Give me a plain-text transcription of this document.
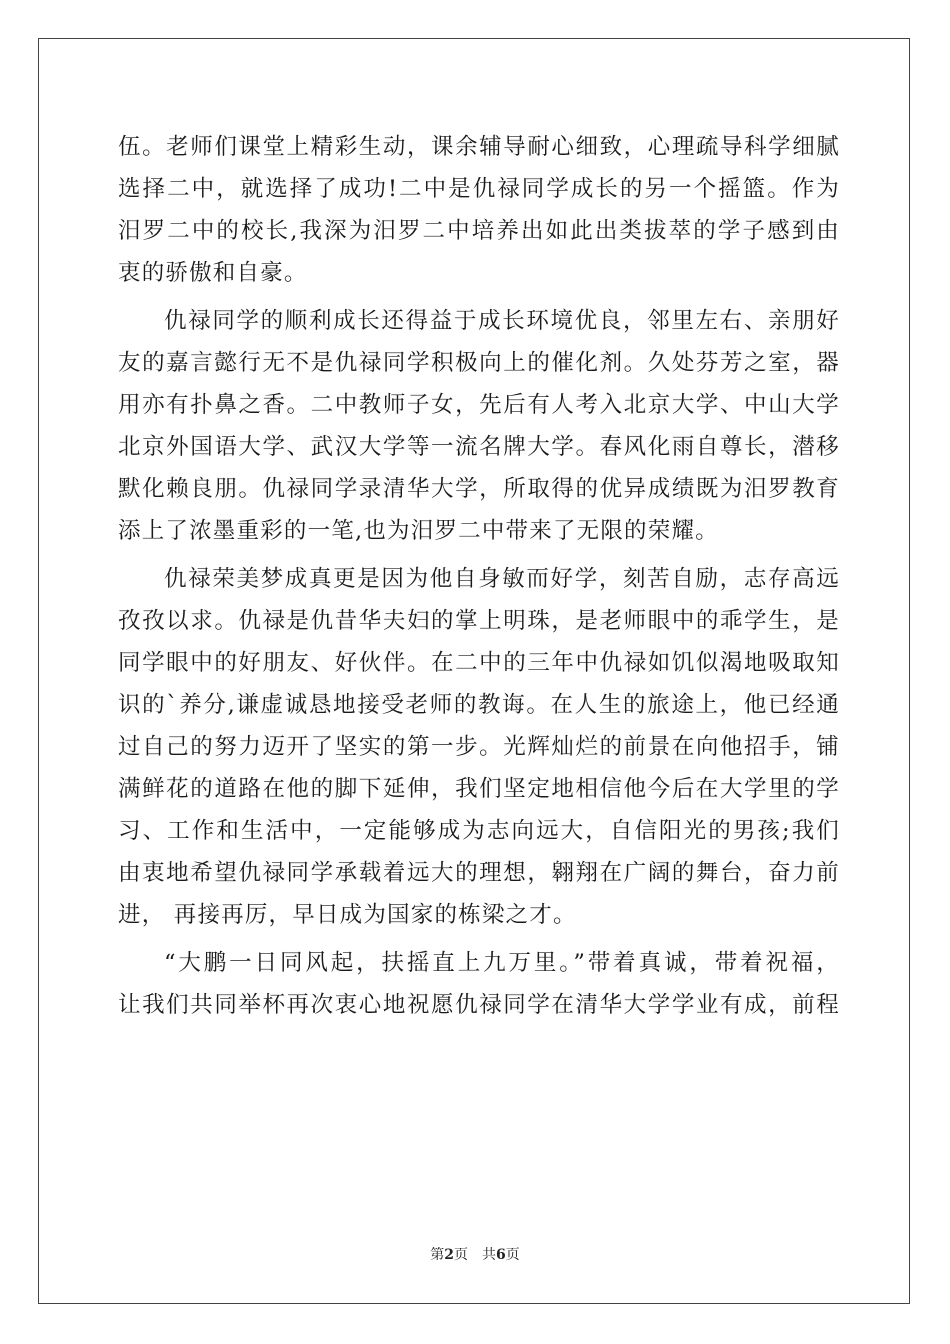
伍。老师们课堂上精彩生动，课余辅导耐心细致，心理疏导科学细腻
选择二中，就选择了成功!二中是仇禄同学成长的另一个摇篮。作为
汨罗二中的校长,我深为汨罗二中培养出如此出类拔萃的学子感到由
衷的骄傲和自豪。
仇禄同学的顺利成长还得益于成长环境优良，邻里左右、亲朋好
友的嘉言懿行无不是仇禄同学积极向上的催化剂。久处芬芳之室，器
用亦有扑鼻之香。二中教师子女，先后有人考入北京大学、中山大学
北京外国语大学、武汉大学等一流名牌大学。春风化雨自尊长，潜移
默化赖良朋。仇禄同学录清华大学，所取得的优异成绩既为汨罗教育
添上了浓墨重彩的一笔,也为汨罗二中带来了无限的荣耀。
仇禄荣美梦成真更是因为他自身敏而好学，刻苦自励，志存高远
孜孜以求。仇禄是仇昔华夫妇的掌上明珠，是老师眼中的乖学生，是
同学眼中的好朋友、好伙伴。在二中的三年中仇禄如饥似渴地吸取知
识的`养分,谦虚诚恳地接受老师的教诲。在人生的旅途上，他已经通
过自己的努力迈开了坚实的第一步。光辉灿烂的前景在向他招手，铺
满鲜花的道路在他的脚下延伸，我们坚定地相信他今后在大学里的学
习、工作和生活中，一定能够成为志向远大，自信阳光的男孩;我们
由衷地希望仇禄同学承载着远大的理想，翱翔在广阔的舞台，奋力前
进， 再接再厉，早日成为国家的栋梁之才。
“大鹏一日同风起，扶摇直上九万里。”带着真诚，带着祝福，
让我们共同举杯再次衷心地祝愿仇禄同学在清华大学学业有成，前程
第2页 共6页
